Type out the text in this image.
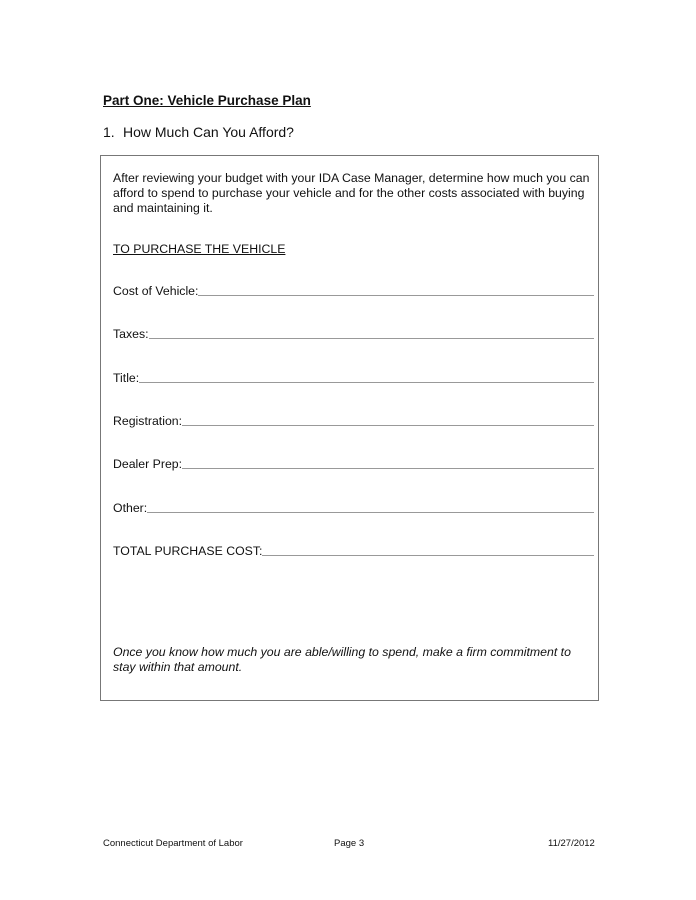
Part One: Vehicle Purchase Plan
1. How Much Can You Afford?
After reviewing your budget with your IDA Case Manager, determine how much you can afford to spend to purchase your vehicle and for the other costs associated with buying and maintaining it.
TO PURCHASE THE VEHICLE
Cost of Vehicle:
Taxes:
Title:
Registration:
Dealer Prep:
Other:
TOTAL PURCHASE COST:
Once you know how much you are able/willing to spend, make a firm commitment to stay within that amount.
Connecticut Department of Labor	Page 3	11/27/2012
